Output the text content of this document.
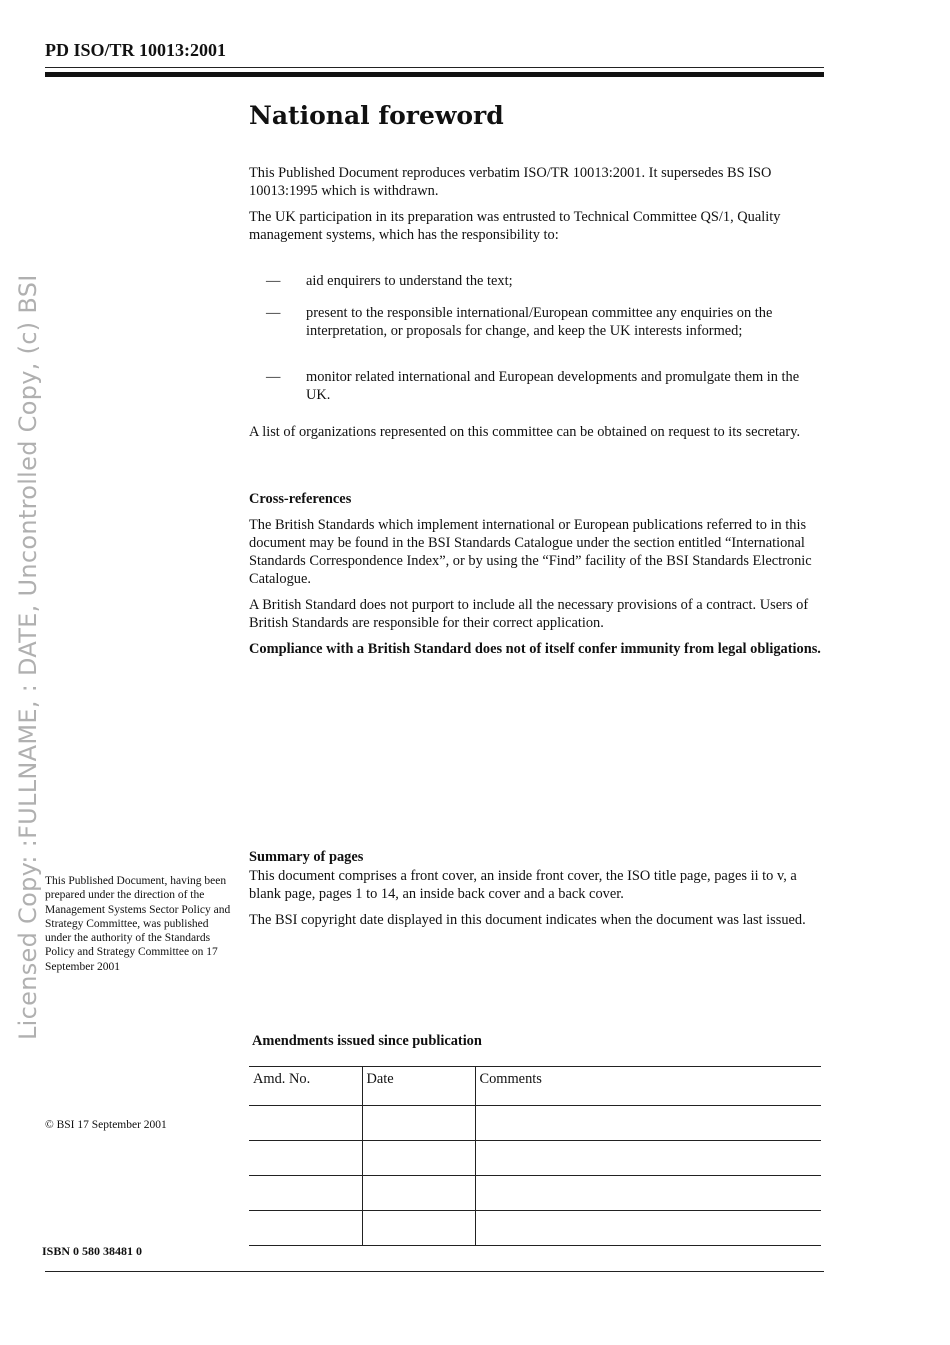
PD ISO/TR 10013:2001
Licensed Copy: :FULLNAME, : DATE, Uncontrolled Copy, (c) BSI
National foreword

This Published Document reproduces verbatim ISO/TR 10013:2001. It supersedes BS ISO 10013:1995 which is withdrawn.

The UK participation in its preparation was entrusted to Technical Committee QS/1, Quality management systems, which has the responsibility to:

— aid enquirers to understand the text;
— present to the responsible international/European committee any enquiries on the interpretation, or proposals for change, and keep the UK interests informed;
— monitor related international and European developments and promulgate them in the UK.
A list of organizations represented on this committee can be obtained on request to its secretary.
Cross-references

The British Standards which implement international or European publications referred to in this document may be found in the BSI Standards Catalogue under the section entitled “International Standards Correspondence Index”, or by using the “Find” facility of the BSI Standards Electronic Catalogue.

A British Standard does not purport to include all the necessary provisions of a contract. Users of British Standards are responsible for their correct application.

Compliance with a British Standard does not of itself confer immunity from legal obligations.

Summary of pages

This document comprises a front cover, an inside front cover, the ISO title page, pages ii to v, a blank page, pages 1 to 14, an inside back cover and a back cover.

The BSI copyright date displayed in this document indicates when the document was last issued.

This Published Document, having been prepared under the direction of the Management Systems Sector Policy and Strategy Committee, was published under the authority of the Standards Policy and Strategy Committee on 17 September 2001
© BSI 17 September 2001
Amendments issued since publication
Amd. No.	Date	Comments

ISBN 0 580 38481 0
